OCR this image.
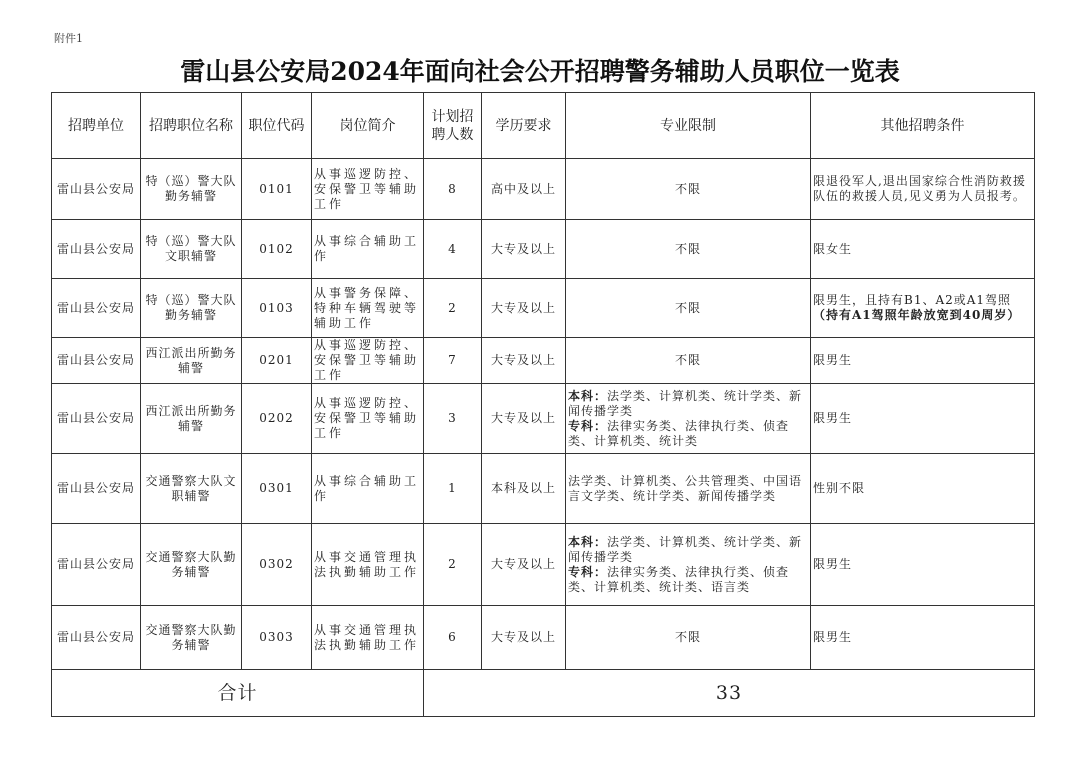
附件1
雷山县公安局2024年面向社会公开招聘警务辅助人员职位一览表
招聘单位	招聘职位名称	职位代码	岗位简介	计划招聘人数	学历要求	专业限制	其他招聘条件
雷山县公安局	特（巡）警大队勤务辅警	0101	从事巡逻防控、安保警卫等辅助工作	8	高中及以上	不限	限退役军人,退出国家综合性消防救援队伍的救援人员,见义勇为人员报考。

雷山县公安局	特（巡）警大队文职辅警	0102	从事综合辅助工作	4	大专及以上	不限	限女生

雷山县公安局	特（巡）警大队勤务辅警	0103	从事警务保障、特种车辆驾驶等辅助工作	2	大专及以上	不限	限男生，且持有B1、A2或A1驾照
（持有A1驾照年龄放宽到40周岁）

雷山县公安局	西江派出所勤务辅警	0201	从事巡逻防控、安保警卫等辅助工作	7	大专及以上	不限	限男生

雷山县公安局	西江派出所勤务辅警	0202	从事巡逻防控、安保警卫等辅助工作	3	大专及以上	本科：法学类、计算机类、统计学类、新闻传播学类
专科：法律实务类、法律执行类、侦查类、计算机类、统计类	限男生

雷山县公安局	交通警察大队文职辅警	0301	从事综合辅助工作	1	本科及以上	法学类、计算机类、公共管理类、中国语言文学类、统计学类、新闻传播学类	性别不限

雷山县公安局	交通警察大队勤务辅警	0302	从事交通管理执法执勤辅助工作	2	大专及以上	本科：法学类、计算机类、统计学类、新闻传播学类
专科：法律实务类、法律执行类、侦查类、计算机类、统计类、语言类	限男生

雷山县公安局	交通警察大队勤务辅警	0303	从事交通管理执法执勤辅助工作	6	大专及以上	不限	限男生

合计				33			
